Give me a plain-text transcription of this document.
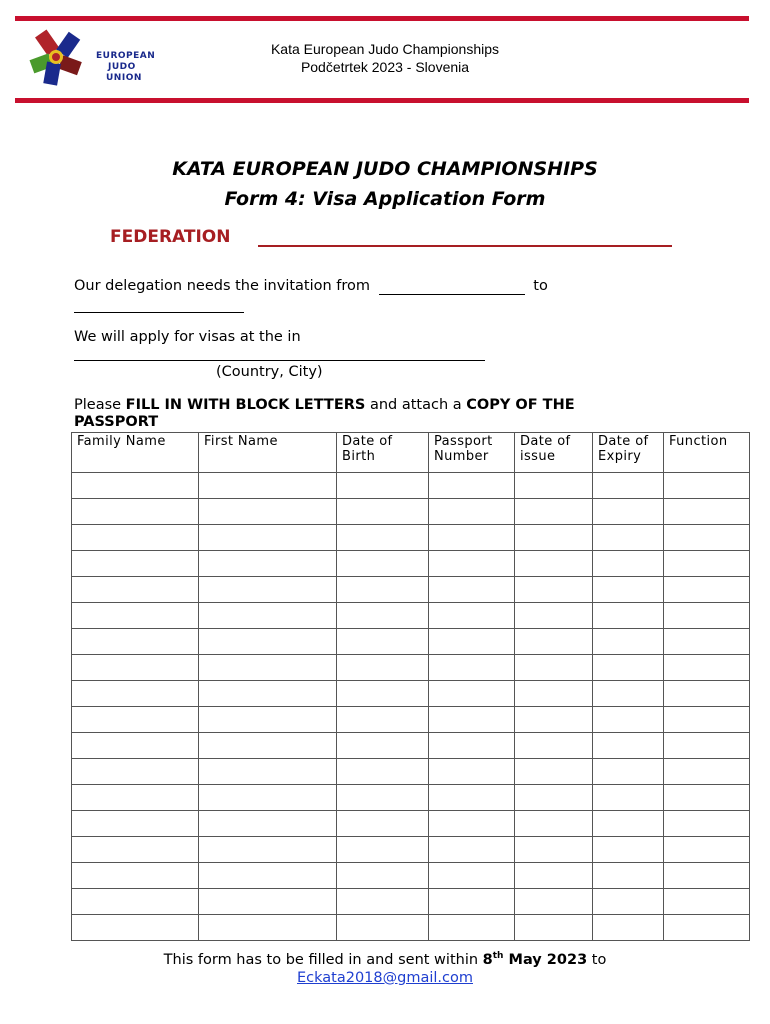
EUROPEAN
JUDO
UNION
Kata European Judo Championships
Podčetrtek 2023 - Slovenia
KATA EUROPEAN JUDO CHAMPIONSHIPS
Form 4: Visa Application Form
FEDERATION
Our delegation needs the invitation from	to

We will apply for visas at the in

(Country, City)
Please FILL IN WITH BLOCK LETTERS and attach a COPY OF THE PASSPORT
Family Name	First Name	Date of Birth	Passport Number	Date of issue	Date of Expiry	Function

This form has to be filled in and sent within 8th May 2023 to
Eckata2018@gmail.com
